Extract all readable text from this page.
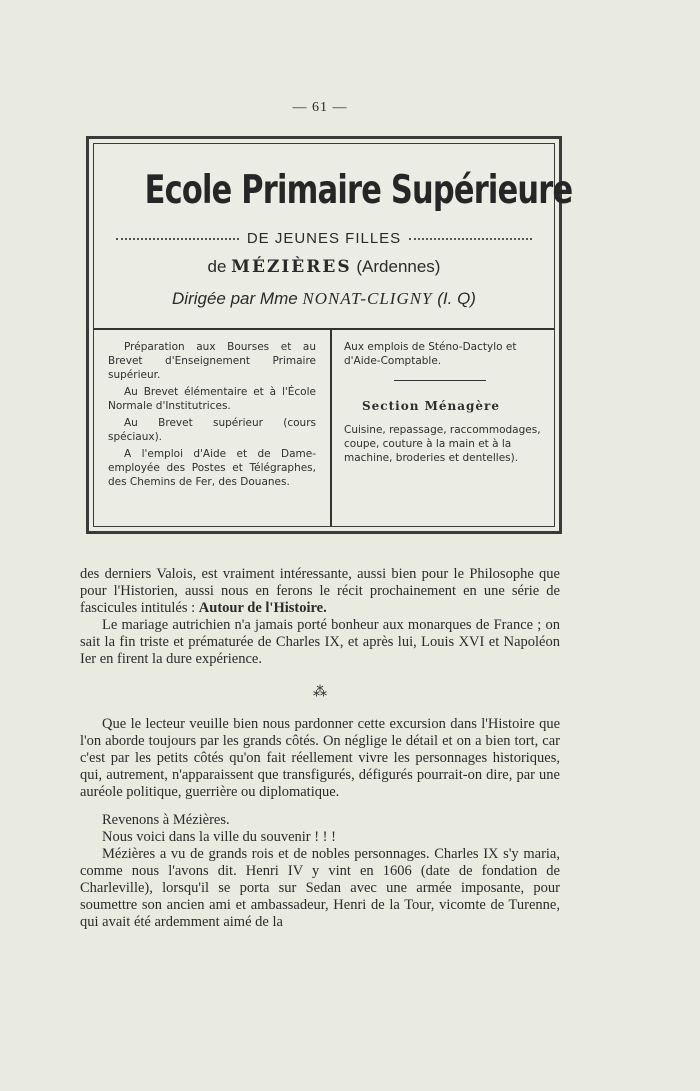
— 61 —
Ecole Primaire Supérieure
DE JEUNES FILLES
de MÉZIÈRES (Ardennes)
Dirigée par Mme NONAT-CLIGNY (I. Q)

Préparation aux Bourses et au Brevet d'Enseignement Primaire supérieur.

Au Brevet élémentaire et à l'École Normale d'Institutrices.

Au Brevet supérieur (cours spéciaux).

A l'emploi d'Aide et de Dame-employée des Postes et Télégraphes, des Chemins de Fer, des Douanes.

Aux emplois de Sténo-Dactylo et d'Aide-Comptable.

Section Ménagère

Cuisine, repassage, raccommodages, coupe, couture à la main et à la machine, broderies et dentelles).

des derniers Valois, est vraiment intéressante, aussi bien pour le Philosophe que pour l'Historien, aussi nous en ferons le récit prochainement en une série de fascicules intitulés : Autour de l'Histoire.

Le mariage autrichien n'a jamais porté bonheur aux monarques de France ; on sait la fin triste et prématurée de Charles IX, et après lui, Louis XVI et Napoléon Ier en firent la dure expérience.

⁂

Que le lecteur veuille bien nous pardonner cette excursion dans l'Histoire que l'on aborde toujours par les grands côtés. On néglige le détail et on a bien tort, car c'est par les petits côtés qu'on fait réellement vivre les personnages historiques, qui, autrement, n'apparaissent que transfigurés, défigurés pourrait-on dire, par une auréole politique, guerrière ou diplomatique.

Revenons à Mézières.

Nous voici dans la ville du souvenir ! ! !

Mézières a vu de grands rois et de nobles personnages. Charles IX s'y maria, comme nous l'avons dit. Henri IV y vint en 1606 (date de fondation de Charleville), lorsqu'il se porta sur Sedan avec une armée imposante, pour soumettre son ancien ami et ambassadeur, Henri de la Tour, vicomte de Turenne, qui avait été ardemment aimé de la
